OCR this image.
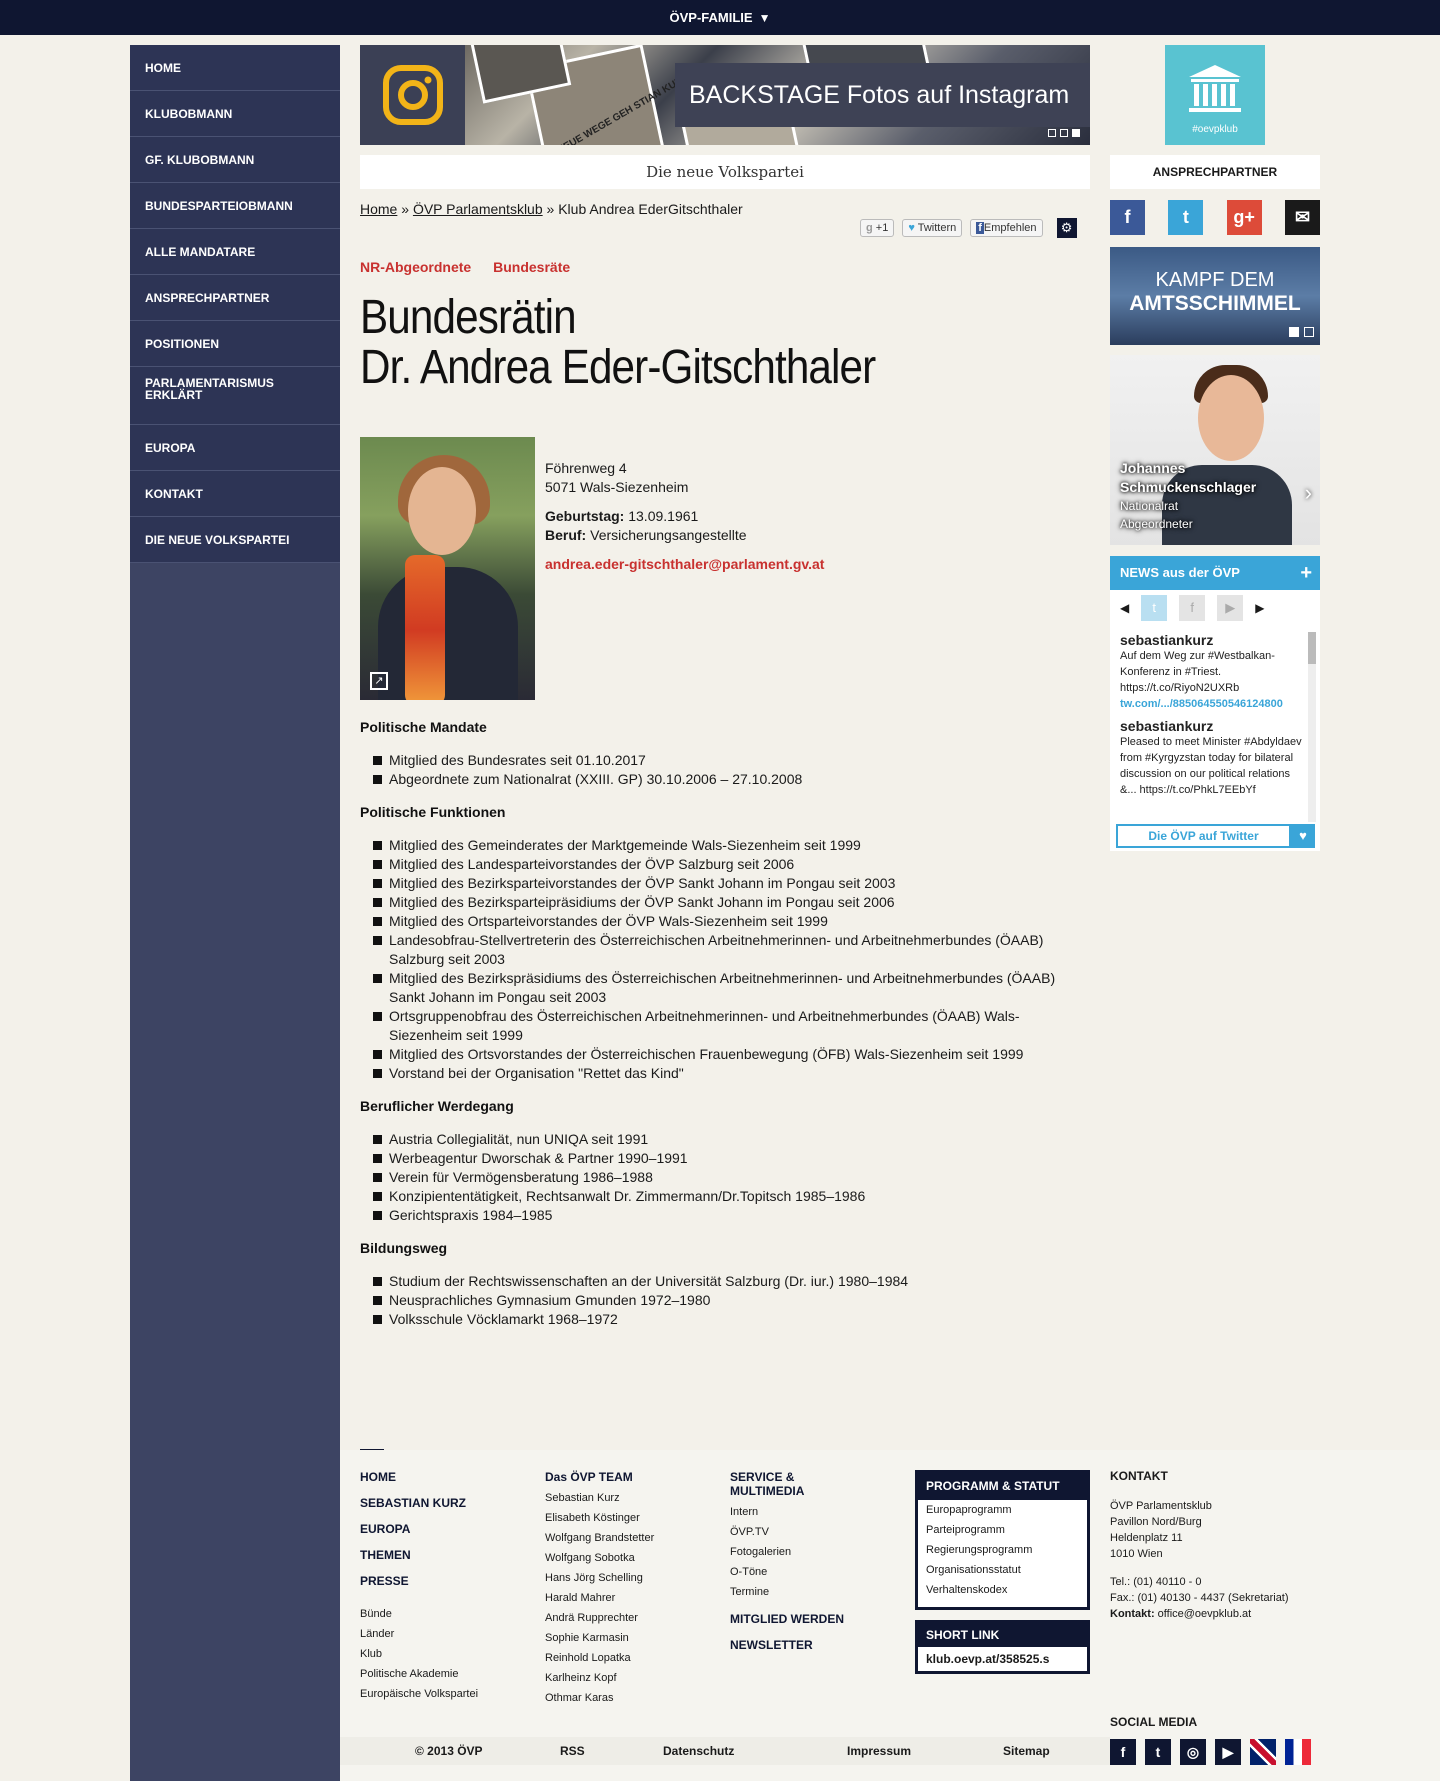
ÖVP-FAMILIE ▼
HOME
KLUBOBMANN
GF. KLUBOBMANN
BUNDESPARTEIOBMANN
ALLE MANDATARE
ANSPRECHPARTNER
POSITIONEN
PARLAMENTARISMUS ERKLÄRT
EUROPA
KONTAKT
DIE NEUE VOLKSPARTEI
NEUE WEGE GEH STIAN	BACKSTAGE Fotos auf Instagram
Die neue Volkspartei
Home » ÖVP Parlamentsklub » Klub Andrea EderGitschthaler
g +1	♥ Twittern	f Empfehlen	⚙
NR-Abgeordnete Bundesräte
Bundesrätin
Dr. Andrea Eder-Gitschthaler
↗
Föhrenweg 4
5071 Wals-Siezenheim
Geburtstag: 13.09.1961
Beruf: Versicherungsangestellte
andrea.eder-gitschthaler@parlament.gv.at
Politische Mandate
Mitglied des Bundesrates seit 01.10.2017
Abgeordnete zum Nationalrat (XXIII. GP) 30.10.2006 – 27.10.2008
Politische Funktionen
Mitglied des Gemeinderates der Marktgemeinde Wals-Siezenheim seit 1999
Mitglied des Landesparteivorstandes der ÖVP Salzburg seit 2006
Mitglied des Bezirksparteivorstandes der ÖVP Sankt Johann im Pongau seit 2003
Mitglied des Bezirksparteipräsidiums der ÖVP Sankt Johann im Pongau seit 2006
Mitglied des Ortsparteivorstandes der ÖVP Wals-Siezenheim seit 1999
Landesobfrau-Stellvertreterin des Österreichischen Arbeitnehmerinnen- und Arbeitnehmerbundes (ÖAAB) Salzburg seit 2003
Mitglied des Bezirkspräsidiums des Österreichischen Arbeitnehmerinnen- und Arbeitnehmerbundes (ÖAAB) Sankt Johann im Pongau seit 2003
Ortsgruppenobfrau des Österreichischen Arbeitnehmerinnen- und Arbeitnehmerbundes (ÖAAB) Wals-Siezenheim seit 1999
Mitglied des Ortsvorstandes der Österreichischen Frauenbewegung (ÖFB) Wals-Siezenheim seit 1999
Vorstand bei der Organisation "Rettet das Kind"
Beruflicher Werdegang
Austria Collegialität, nun UNIQA seit 1991
Werbeagentur Dworschak & Partner 1990–1991
Verein für Vermögensberatung 1986–1988
Konzipiententätigkeit, Rechtsanwalt Dr. Zimmermann/Dr.Topitsch 1985–1986
Gerichtspraxis 1984–1985
Bildungsweg
Studium der Rechtswissenschaften an der Universität Salzburg (Dr. iur.) 1980–1984
Neusprachliches Gymnasium Gmunden 1972–1980
Volksschule Vöcklamarkt 1968–1972
#oevpklub
ANSPRECHPARTNER
f	t	g+	✉
KAMPF DEM
AMTSSCHIMMEL
Johannes
Schmuckenschlager
Nationalrat
Abgeordneter
›
NEWS aus der ÖVP	+
◀	t	f	▶	▶
sebastiankurz
Auf dem Weg zur #Westbalkan-Konferenz in #Triest. https://t.co/RiyoN2UXRb
tw.com/.../885064550546124800
sebastiankurz
Pleased to meet Minister #Abdyldaev from #Kyrgyzstan today for bilateral discussion on our political relations &... https://t.co/PhkL7EEbYf
Die ÖVP auf Twitter	♥
HOME
SEBASTIAN KURZ
EUROPA
THEMEN
PRESSE
Bünde
Länder
Klub
Politische Akademie
Europäische Volkspartei
Das ÖVP TEAM
Sebastian Kurz
Elisabeth Köstinger
Wolfgang Brandstetter
Wolfgang Sobotka
Hans Jörg Schelling
Harald Mahrer
Andrä Rupprechter
Sophie Karmasin
Reinhold Lopatka
Karlheinz Kopf
Othmar Karas
SERVICE &
MULTIMEDIA
Intern
ÖVP.TV
Fotogalerien
O-Töne
Termine
MITGLIED WERDEN
NEWSLETTER
PROGRAMM & STATUT
Europaprogramm
Parteiprogramm
Regierungsprogramm
Organisationsstatut
Verhaltenskodex
SHORT LINK
klub.oevp.at/358525.s
KONTAKT
ÖVP Parlamentsklub
Pavillon Nord/Burg
Heldenplatz 11
1010 Wien
Tel.: (01) 40110 - 0
Fax.: (01) 40130 - 4437 (Sekretariat)
Kontakt: office@oevpklub.at
SOCIAL MEDIA
f	t	◎	▶
© 2013 ÖVP	RSS	Datenschutz	Impressum	Sitemap
